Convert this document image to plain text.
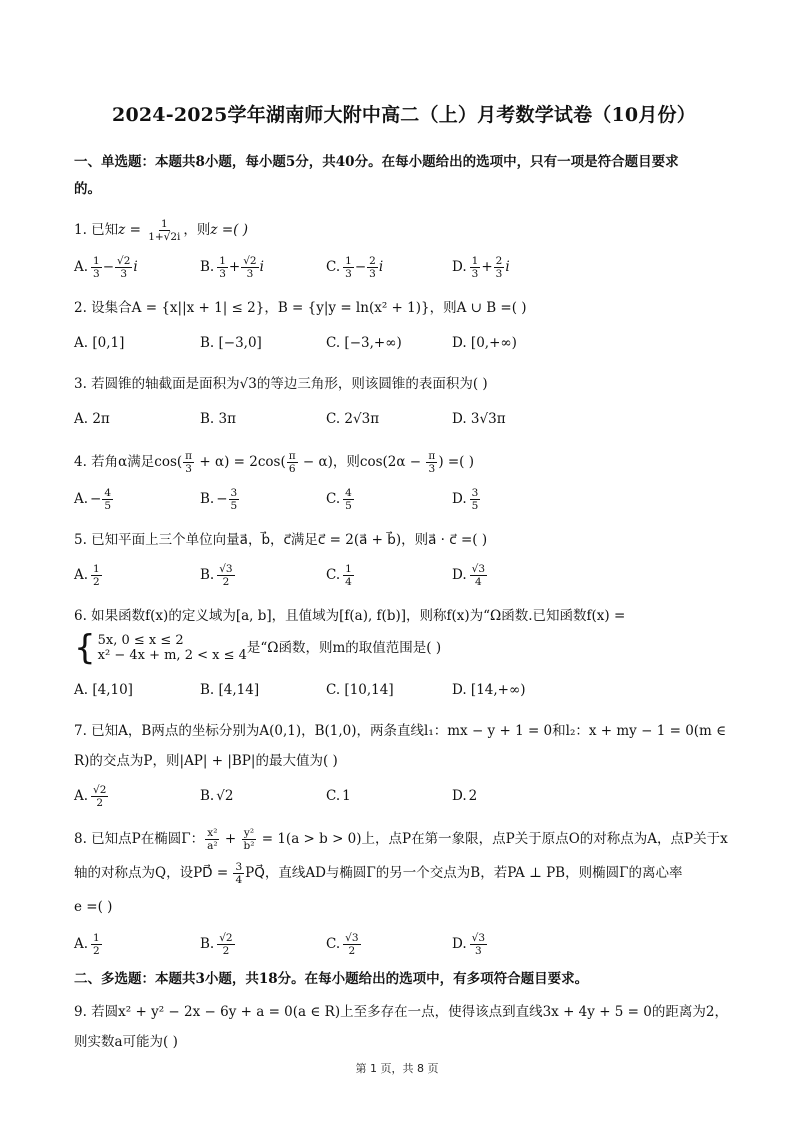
2024-2025学年湖南师大附中高二（上）月考数学试卷（10月份）
一、单选题：本题共8小题，每小题5分，共40分。在每小题给出的选项中，只有一项是符合题目要求
的。
1. 已知$z = \frac{1}{1+√2i}$ ，则z =( )
A. $\frac{1}{3} - \frac{√2}{3}$ i	B. $\frac{1}{3} + \frac{√2}{3}$ i	C. $\frac{1}{3} - \frac{2}{3}$ i	D. $\frac{1}{3} + \frac{2}{3}$ i
2. 设集合A = {x||x + 1| ≤ 2}，B = {y|y = ln(x² + 1)}，则A ∪ B =( )
A. [0,1]	B. [−3,0]	C. [−3,+∞)	D. [0,+∞)
3. 若圆锥的轴截面是面积为√3的等边三角形，则该圆锥的表面积为( )
A. 2π	B. 3π	C. 2√3π	D. 3√3π
4. 若角α满足$\cos( \frac{\pi}{3} + \alpha) = 2\cos( \frac{\pi}{6} - \alpha)$，则$\cos(2\alpha - \frac{\pi}{3}$ ) =( )
A. − $\frac{4}{5}$	B. − $\frac{3}{5}$	C. $\frac{4}{5}$	D. $\frac{3}{5}$
5. 已知平面上三个单位向量a⃗，b⃗，c⃗满足c⃗ = 2(a⃗ + b⃗)，则a⃗ · c⃗ =( )
A. $\frac{1}{2}$	B. $\frac{√3}{2}$	C. $\frac{1}{4}$	D. $\frac{√3}{4}$
6. 如果函数f(x)的定义域为[a, b]，且值域为[f(a), f(b)]，则称f(x)为“Ω函数.已知函数f(x) =
{ 5x, 0 ≤ x ≤ 2
x² − 4x + m, 2 < x ≤ 4 是“Ω函数，则m的取值范围是( )
A. [4,10]	B. [4,14]	C. [10,14]	D. [14,+∞)
7. 已知A，B两点的坐标分别为A(0,1)，B(1,0)，两条直线l₁：mx − y + 1 = 0和l₂：x + my − 1 = 0(m ∈
R)的交点为P，则|AP| + |BP|的最大值为( )
A. $\frac{√2}{2}$	B. √2	C. 1	D. 2
8. 已知点P在椭圆Γ： $\frac{\text{x²}}{\text{a²}} + \frac{\text{y²}}{\text{b²}} = 1(a > b > 0)$上，点P在第一象限，点P关于原点O的对称点为A，点P关于x
轴的对称点为Q，设PD⃗ = $\frac{3}{4}$ PQ⃗，直线AD与椭圆Γ的另一个交点为B，若PA ⊥ PB，则椭圆Γ的离心率
e =( )
A. $\frac{1}{2}$	B. $\frac{√2}{2}$	C. $\frac{√3}{2}$	D. $\frac{√3}{3}$
二、多选题：本题共3小题，共18分。在每小题给出的选项中，有多项符合题目要求。
9. 若圆x² + y² − 2x − 6y + a = 0(a ∈ R)上至多存在一点，使得该点到直线3x + 4y + 5 = 0的距离为2，
则实数a可能为( )
第 1 页，共 8 页
